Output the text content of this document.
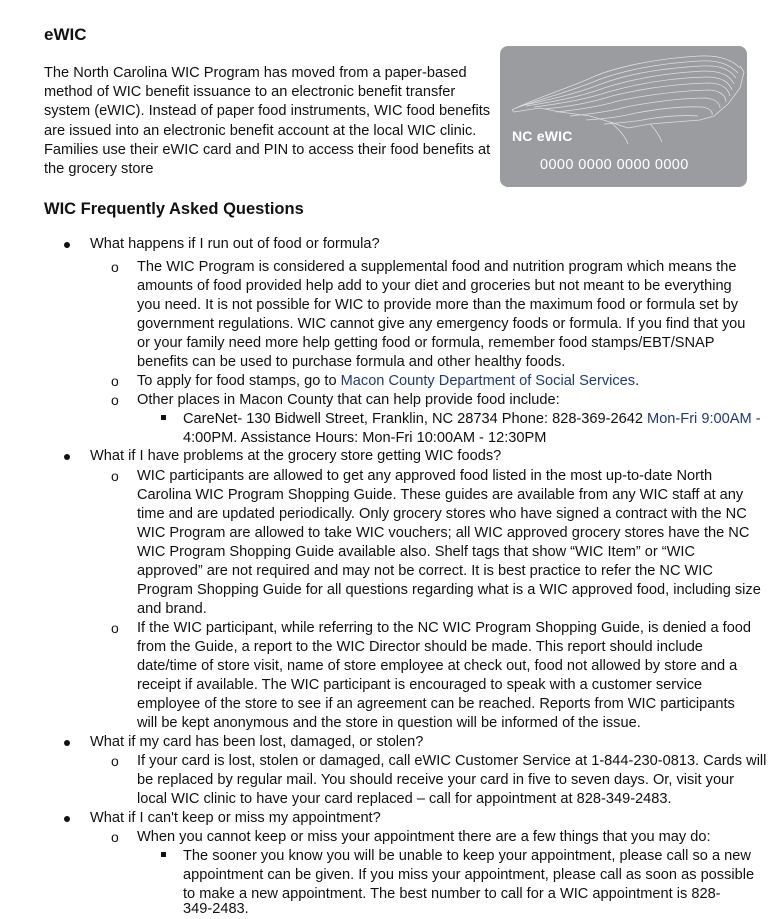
eWIC
The North Carolina WIC Program has moved from a paper-based
method of WIC benefit issuance to an electronic benefit transfer
system (eWIC). Instead of paper food instruments, WIC food benefits
are issued into an electronic benefit account at the local WIC clinic.
Families use their eWIC card and PIN to access their food benefits at
the grocery store
NC eWIC
0000 0000 0000 0000
WIC Frequently Asked Questions
What happens if I run out of food or formula?
o The WIC Program is considered a supplemental food and nutrition program which means the
amounts of food provided help add to your diet and groceries but not meant to be everything
you need. It is not possible for WIC to provide more than the maximum food or formula set by
government regulations. WIC cannot give any emergency foods or formula. If you find that you
or your family need more help getting food or formula, remember food stamps/EBT/SNAP
benefits can be used to purchase formula and other healthy foods.
o To apply for food stamps, go to Macon County Department of Social Services.
o Other places in Macon County that can help provide food include:
CareNet- 130 Bidwell Street, Franklin, NC 28734 Phone: 828-369-2642 Mon-Fri 9:00AM -
4:00PM. Assistance Hours: Mon-Fri 10:00AM - 12:30PM
What if I have problems at the grocery store getting WIC foods?
o WIC participants are allowed to get any approved food listed in the most up-to-date North
Carolina WIC Program Shopping Guide. These guides are available from any WIC staff at any
time and are updated periodically. Only grocery stores who have signed a contract with the NC
WIC Program are allowed to take WIC vouchers; all WIC approved grocery stores have the NC
WIC Program Shopping Guide available also. Shelf tags that show “WIC Item” or “WIC
approved” are not required and may not be correct. It is best practice to refer the NC WIC
Program Shopping Guide for all questions regarding what is a WIC approved food, including size
and brand.
o If the WIC participant, while referring to the NC WIC Program Shopping Guide, is denied a food
from the Guide, a report to the WIC Director should be made. This report should include
date/time of store visit, name of store employee at check out, food not allowed by store and a
receipt if available. The WIC participant is encouraged to speak with a customer service
employee of the store to see if an agreement can be reached. Reports from WIC participants
will be kept anonymous and the store in question will be informed of the issue.
What if my card has been lost, damaged, or stolen?
o If your card is lost, stolen or damaged, call eWIC Customer Service at 1-844-230-0813. Cards will
be replaced by regular mail. You should receive your card in five to seven days. Or, visit your
local WIC clinic to have your card replaced – call for appointment at 828-349-2483.
What if I can't keep or miss my appointment?
o When you cannot keep or miss your appointment there are a few things that you may do:
The sooner you know you will be unable to keep your appointment, please call so a new
appointment can be given. If you miss your appointment, please call as soon as possible
to make a new appointment. The best number to call for a WIC appointment is 828-
349-2483.
